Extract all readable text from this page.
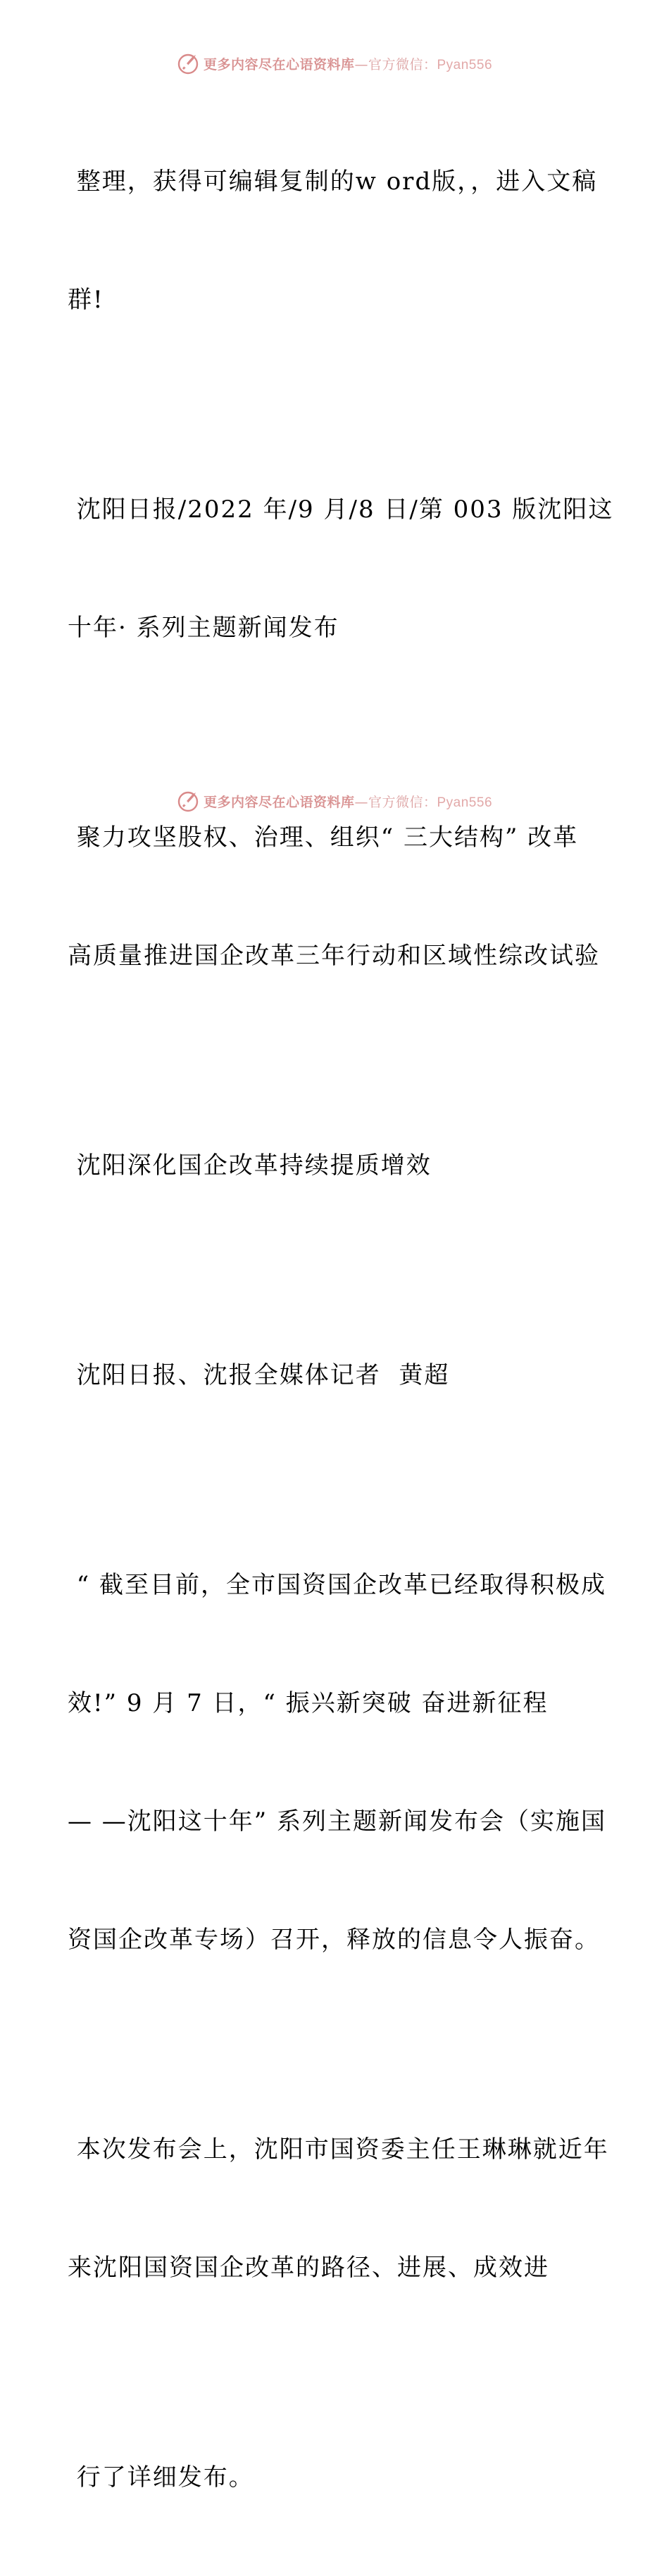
更多内容尽在心语资料库—官方微信：Pyan556

整理，获得可编辑复制的w ord版，，进入文稿

群!

沈阳日报/2022 年/9 月/8 日/第 003 版沈阳这

十年· 系列主题新闻发布

聚力攻坚股权、治理、组织“ 三大结构” 改革

高质量推进国企改革三年行动和区域性综改试验

沈阳深化国企改革持续提质增效

沈阳日报、沈报全媒体记者  黄超

“ 截至目前，全市国资国企改革已经取得积极成

效!” 9 月 7 日，“ 振兴新突破 奋进新征程

— —沈阳这十年” 系列主题新闻发布会（实施国

资国企改革专场）召开，释放的信息令人振奋。

本次发布会上，沈阳市国资委主任王琳琳就近年

来沈阳国资国企改革的路径、进展、成效进

行了详细发布。

更多内容尽在心语资料库—官方微信：Pyan556
